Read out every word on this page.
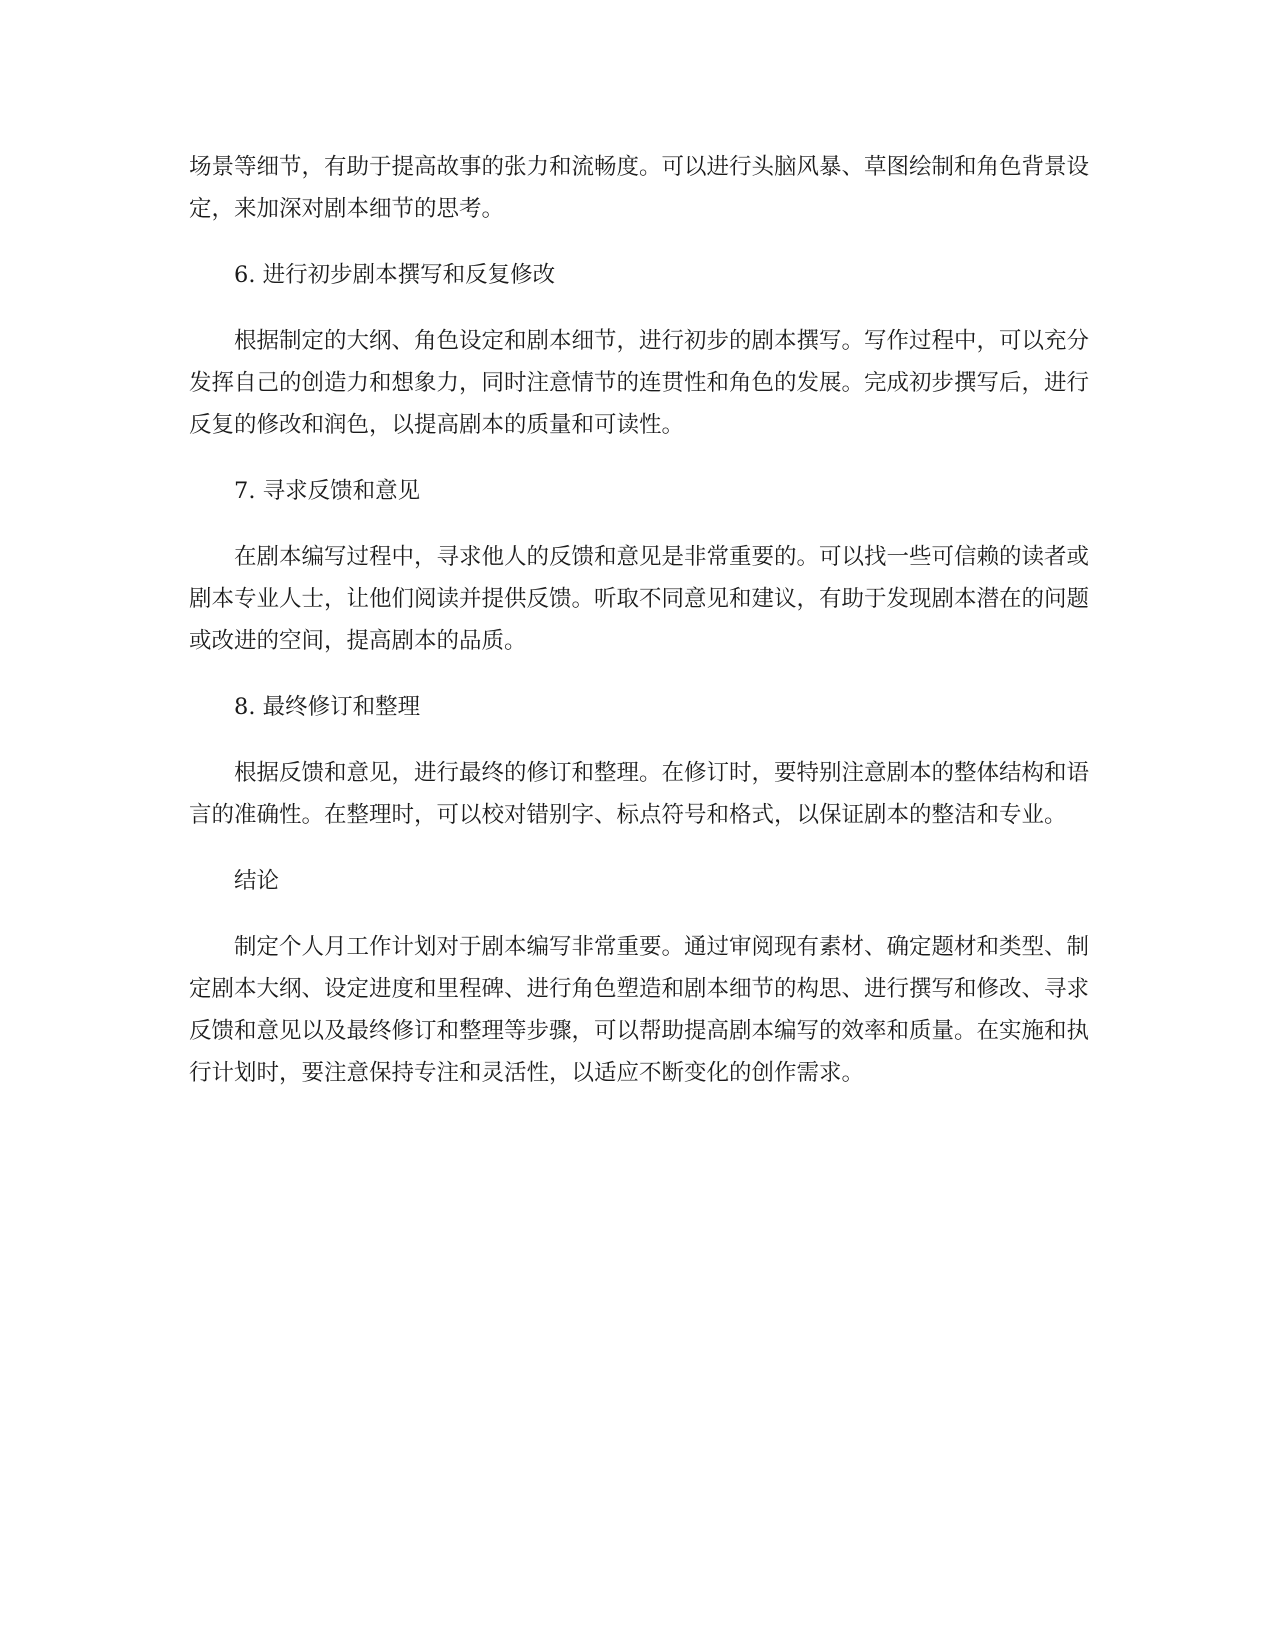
场景等细节，有助于提高故事的张力和流畅度。可以进行头脑风暴、草图绘制和角色背景设定，来加深对剧本细节的思考。

6. 进行初步剧本撰写和反复修改

根据制定的大纲、角色设定和剧本细节，进行初步的剧本撰写。写作过程中，可以充分发挥自己的创造力和想象力，同时注意情节的连贯性和角色的发展。完成初步撰写后，进行反复的修改和润色，以提高剧本的质量和可读性。

7. 寻求反馈和意见

在剧本编写过程中，寻求他人的反馈和意见是非常重要的。可以找一些可信赖的读者或剧本专业人士，让他们阅读并提供反馈。听取不同意见和建议，有助于发现剧本潜在的问题或改进的空间，提高剧本的品质。

8. 最终修订和整理

根据反馈和意见，进行最终的修订和整理。在修订时，要特别注意剧本的整体结构和语言的准确性。在整理时，可以校对错别字、标点符号和格式，以保证剧本的整洁和专业。

结论

制定个人月工作计划对于剧本编写非常重要。通过审阅现有素材、确定题材和类型、制定剧本大纲、设定进度和里程碑、进行角色塑造和剧本细节的构思、进行撰写和修改、寻求反馈和意见以及最终修订和整理等步骤，可以帮助提高剧本编写的效率和质量。在实施和执行计划时，要注意保持专注和灵活性，以适应不断变化的创作需求。
